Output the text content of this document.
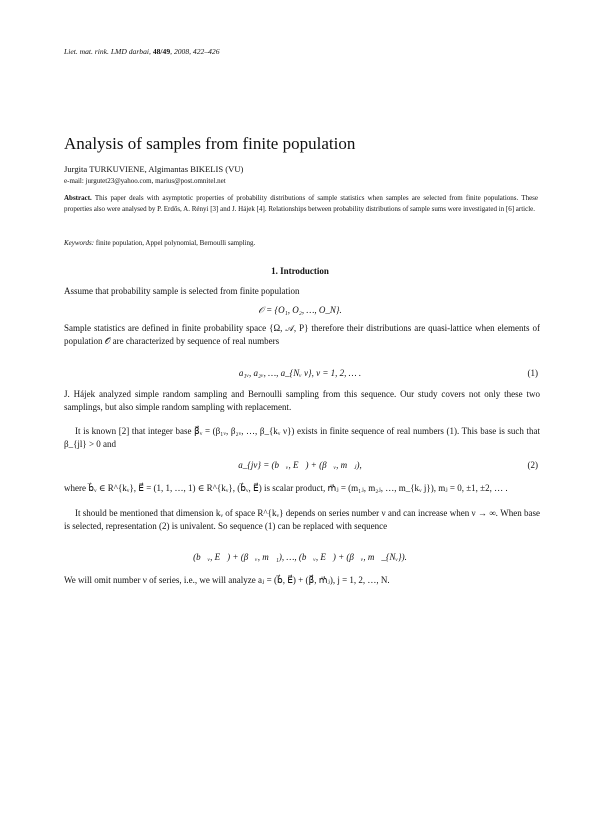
Liet. mat. rink. LMD darbai, 48/49, 2008, 422–426
Analysis of samples from finite population
Jurgita TURKUVIENE, Algimantas BIKELIS (VU)
e-mail: jurgutet23@yahoo.com, marius@post.omnitel.net
Abstract. This paper deals with asymptotic properties of probability distributions of sample statistics when samples are selected from finite populations. These properties also were analysed by P. Erdős, A. Rényi [3] and J. Hájek [4]. Relationships between probability distributions of sample sums were investigated in [6] article.
Keywords: finite population, Appel polynomial, Bernoulli sampling.
1. Introduction
Assume that probability sample is selected from finite population
𝒪 = {O₁, O₂, …, O_N}.
Sample statistics are defined in finite probability space {Ω, 𝒜, P} therefore their distributions are quasi-lattice when elements of population 𝒪 are characterized by sequence of real numbers
a₁ᵥ, a₂ᵥ, …, a_{Nᵥ ν}, ν = 1, 2, … .	(1)
J. Hájek analyzed simple random sampling and Bernoulli sampling from this sequence. Our study covers not only these two samplings, but also simple random sampling with replacement.
It is known [2] that integer base β⃗ᵥ = (β₁ᵥ, β₂ᵥ, …, β_{kᵥ ν}) exists in finite sequence of real numbers (1). This base is such that β_{jl} > 0 and
a_{jν} = (b⃗ᵥ, E⃗) + (β⃗ᵥ, m⃗ⱼ),	(2)
where b⃗ᵥ ∈ R^{kᵥ}, E⃗ = (1, 1, …, 1) ∈ R^{kᵥ}, (b⃗ᵥ, E⃗) is scalar product, m⃗ⱼ = (m₁ⱼ, m₂ⱼ, …, m_{kᵥ j}), mⱼ = 0, ±1, ±2, … .
It should be mentioned that dimension kᵥ of space R^{kᵥ} depends on series number ν and can increase when ν → ∞. When base is selected, representation (2) is univalent. So sequence (1) can be replaced with sequence
(b⃗ᵥ, E⃗) + (β⃗ᵥ, m⃗₁), …, (b⃗ᵥ, E⃗) + (β⃗ᵥ, m⃗_{Nᵥ}).
We will omit number ν of series, i.e., we will analyze aⱼ = (b⃗, E⃗) + (β⃗, m⃗ⱼ), j = 1, 2, …, N.
